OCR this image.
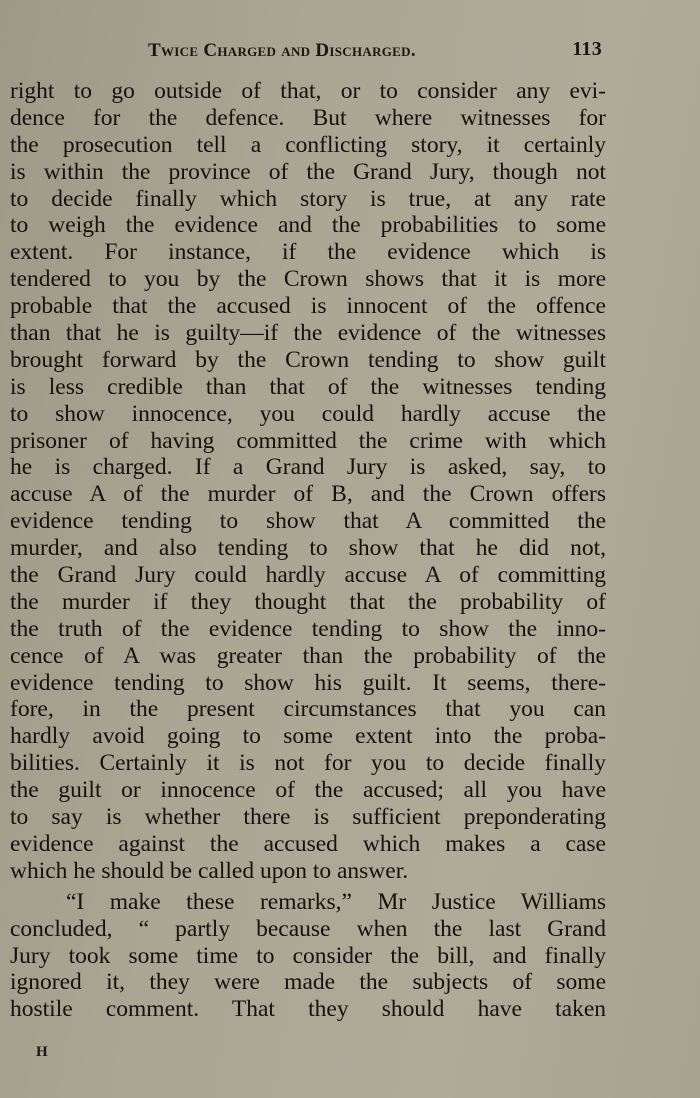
Twice Charged and Discharged.	113
right to go outside of that, or to consider any evi-
dence for the defence. But where witnesses for
the prosecution tell a conflicting story, it certainly
is within the province of the Grand Jury, though not
to decide finally which story is true, at any rate
to weigh the evidence and the probabilities to some
extent. For instance, if the evidence which is
tendered to you by the Crown shows that it is more
probable that the accused is innocent of the offence
than that he is guilty—if the evidence of the witnesses
brought forward by the Crown tending to show guilt
is less credible than that of the witnesses tending
to show innocence, you could hardly accuse the
prisoner of having committed the crime with which
he is charged. If a Grand Jury is asked, say, to
accuse A of the murder of B, and the Crown offers
evidence tending to show that A committed the
murder, and also tending to show that he did not,
the Grand Jury could hardly accuse A of committing
the murder if they thought that the probability of
the truth of the evidence tending to show the inno-
cence of A was greater than the probability of the
evidence tending to show his guilt. It seems, there-
fore, in the present circumstances that you can
hardly avoid going to some extent into the proba-
bilities. Certainly it is not for you to decide finally
the guilt or innocence of the accused; all you have
to say is whether there is sufficient preponderating
evidence against the accused which makes a case
which he should be called upon to answer.
“I make these remarks,” Mr Justice Williams
concluded, “ partly because when the last Grand
Jury took some time to consider the bill, and finally
ignored it, they were made the subjects of some
hostile comment. That they should have taken
H
